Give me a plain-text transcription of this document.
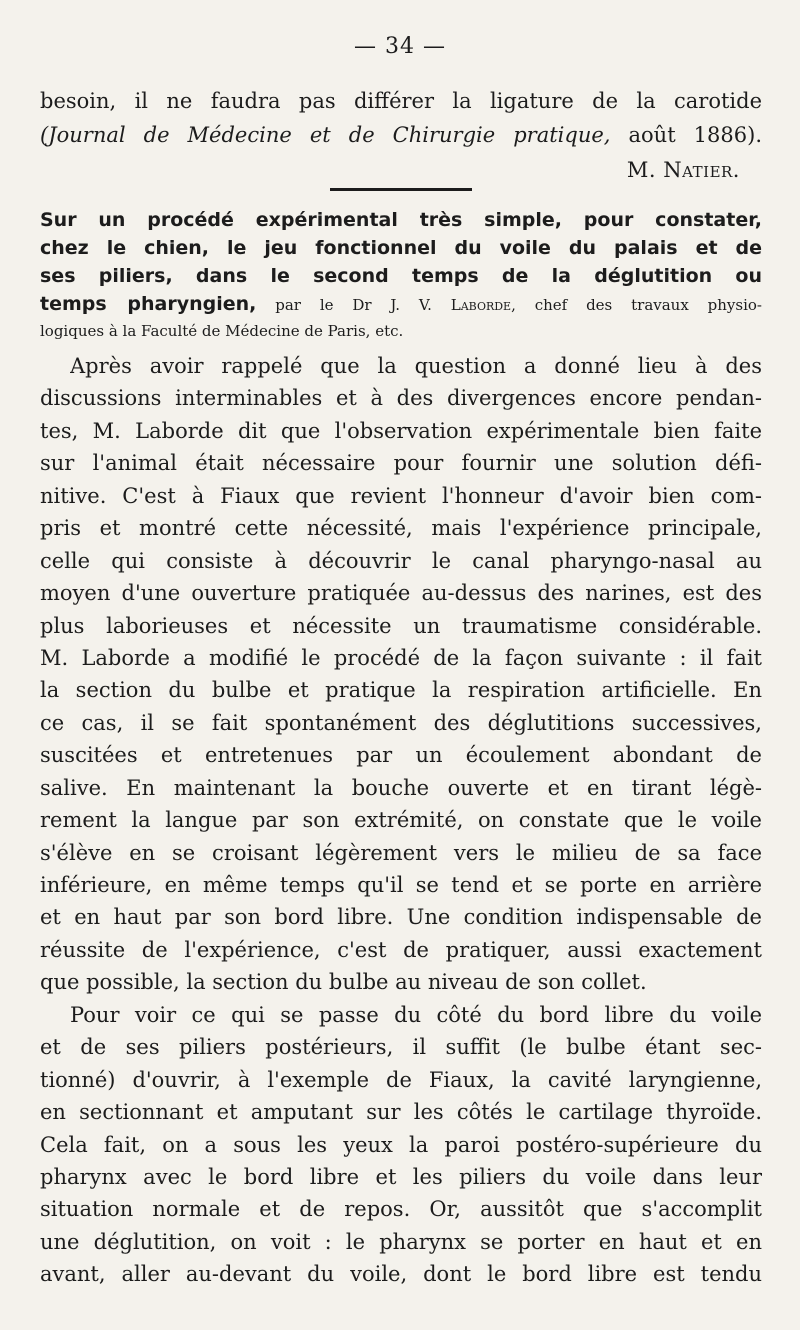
— 34 —
besoin, il ne faudra pas différer la ligature de la carotide
(Journal de Médecine et de Chirurgie pratique, août 1886).
M. Natier.
Sur un procédé expérimental très simple, pour constater,
chez le chien, le jeu fonctionnel du voile du palais et de
ses piliers, dans le second temps de la déglutition ou
temps pharyngien, par le Dr J. V. Laborde, chef des travaux physio-
logiques à la Faculté de Médecine de Paris, etc.
Après avoir rappelé que la question a donné lieu à des
discussions interminables et à des divergences encore pendan-
tes, M. Laborde dit que l'observation expérimentale bien faite
sur l'animal était nécessaire pour fournir une solution défi-
nitive. C'est à Fiaux que revient l'honneur d'avoir bien com-
pris et montré cette nécessité, mais l'expérience principale,
celle qui consiste à découvrir le canal pharyngo-nasal au
moyen d'une ouverture pratiquée au-dessus des narines, est des
plus laborieuses et nécessite un traumatisme considérable.
M. Laborde a modifié le procédé de la façon suivante : il fait
la section du bulbe et pratique la respiration artificielle. En
ce cas, il se fait spontanément des déglutitions successives,
suscitées et entretenues par un écoulement abondant de
salive. En maintenant la bouche ouverte et en tirant légè-
rement la langue par son extrémité, on constate que le voile
s'élève en se croisant légèrement vers le milieu de sa face
inférieure, en même temps qu'il se tend et se porte en arrière
et en haut par son bord libre. Une condition indispensable de
réussite de l'expérience, c'est de pratiquer, aussi exactement
que possible, la section du bulbe au niveau de son collet.
Pour voir ce qui se passe du côté du bord libre du voile
et de ses piliers postérieurs, il suffit (le bulbe étant sec-
tionné) d'ouvrir, à l'exemple de Fiaux, la cavité laryngienne,
en sectionnant et amputant sur les côtés le cartilage thyroïde.
Cela fait, on a sous les yeux la paroi postéro-supérieure du
pharynx avec le bord libre et les piliers du voile dans leur
situation normale et de repos. Or, aussitôt que s'accomplit
une déglutition, on voit : le pharynx se porter en haut et en
avant, aller au-devant du voile, dont le bord libre est tendu
